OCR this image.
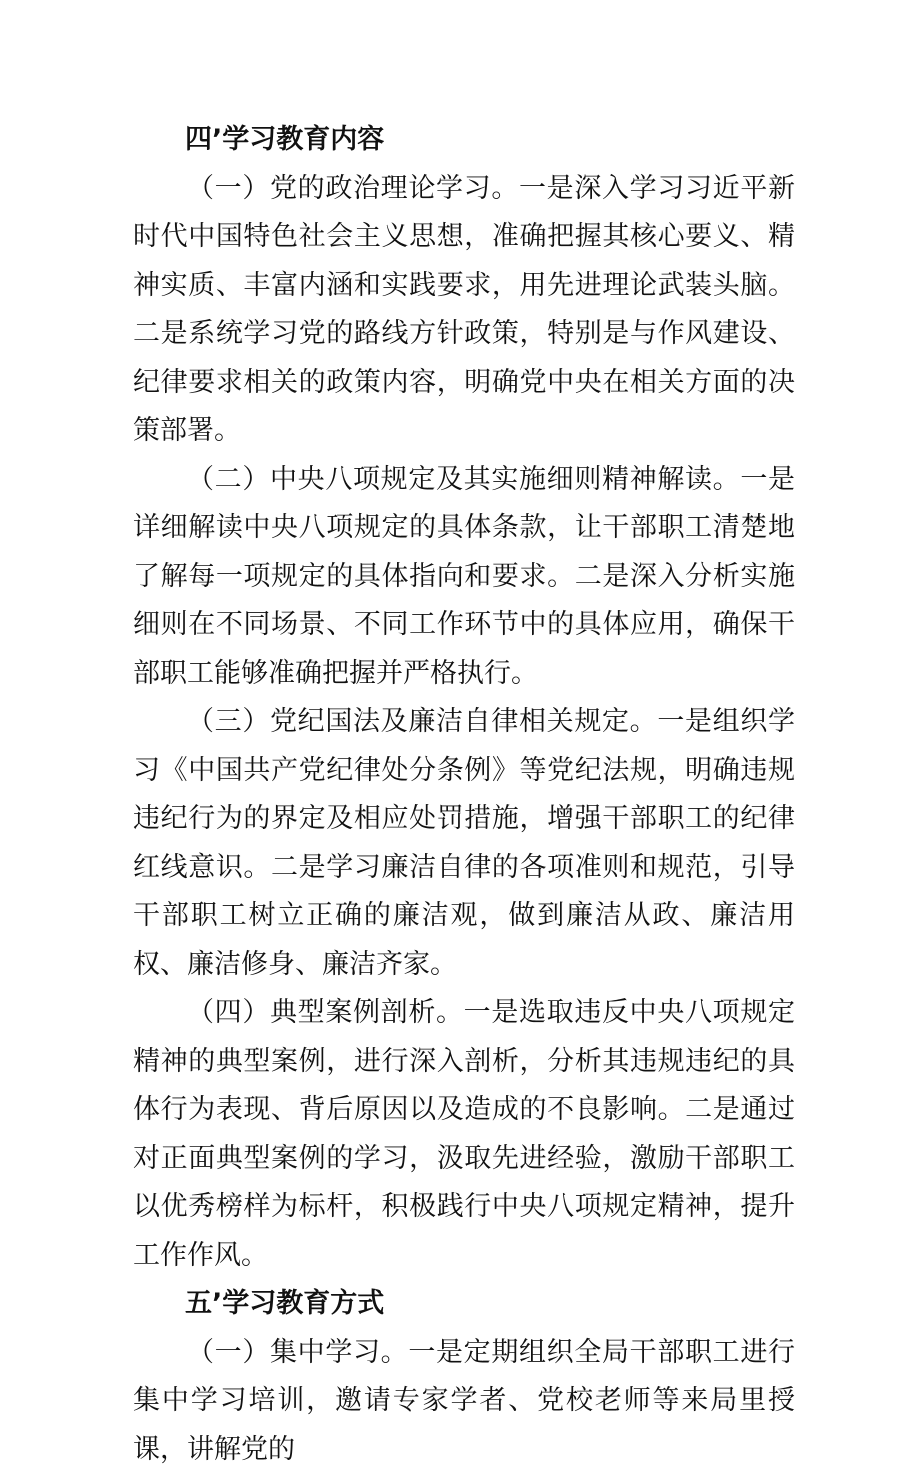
四’学习教育内容

（一）党的政治理论学习。一是深入学习习近平新时代中国特色社会主义思想，准确把握其核心要义、精神实质、丰富内涵和实践要求，用先进理论武装头脑。二是系统学习党的路线方针政策，特别是与作风建设、纪律要求相关的政策内容，明确党中央在相关方面的决策部署。

（二）中央八项规定及其实施细则精神解读。一是详细解读中央八项规定的具体条款，让干部职工清楚地了解每一项规定的具体指向和要求。二是深入分析实施细则在不同场景、不同工作环节中的具体应用，确保干部职工能够准确把握并严格执行。

（三）党纪国法及廉洁自律相关规定。一是组织学习《中国共产党纪律处分条例》等党纪法规，明确违规违纪行为的界定及相应处罚措施，增强干部职工的纪律红线意识。二是学习廉洁自律的各项准则和规范，引导干部职工树立正确的廉洁观，做到廉洁从政、廉洁用权、廉洁修身、廉洁齐家。

（四）典型案例剖析。一是选取违反中央八项规定精神的典型案例，进行深入剖析，分析其违规违纪的具体行为表现、背后原因以及造成的不良影响。二是通过对正面典型案例的学习，汲取先进经验，激励干部职工以优秀榜样为标杆，积极践行中央八项规定精神，提升工作作风。

五’学习教育方式

（一）集中学习。一是定期组织全局干部职工进行集中学习培训，邀请专家学者、党校老师等来局里授课，讲解党的
